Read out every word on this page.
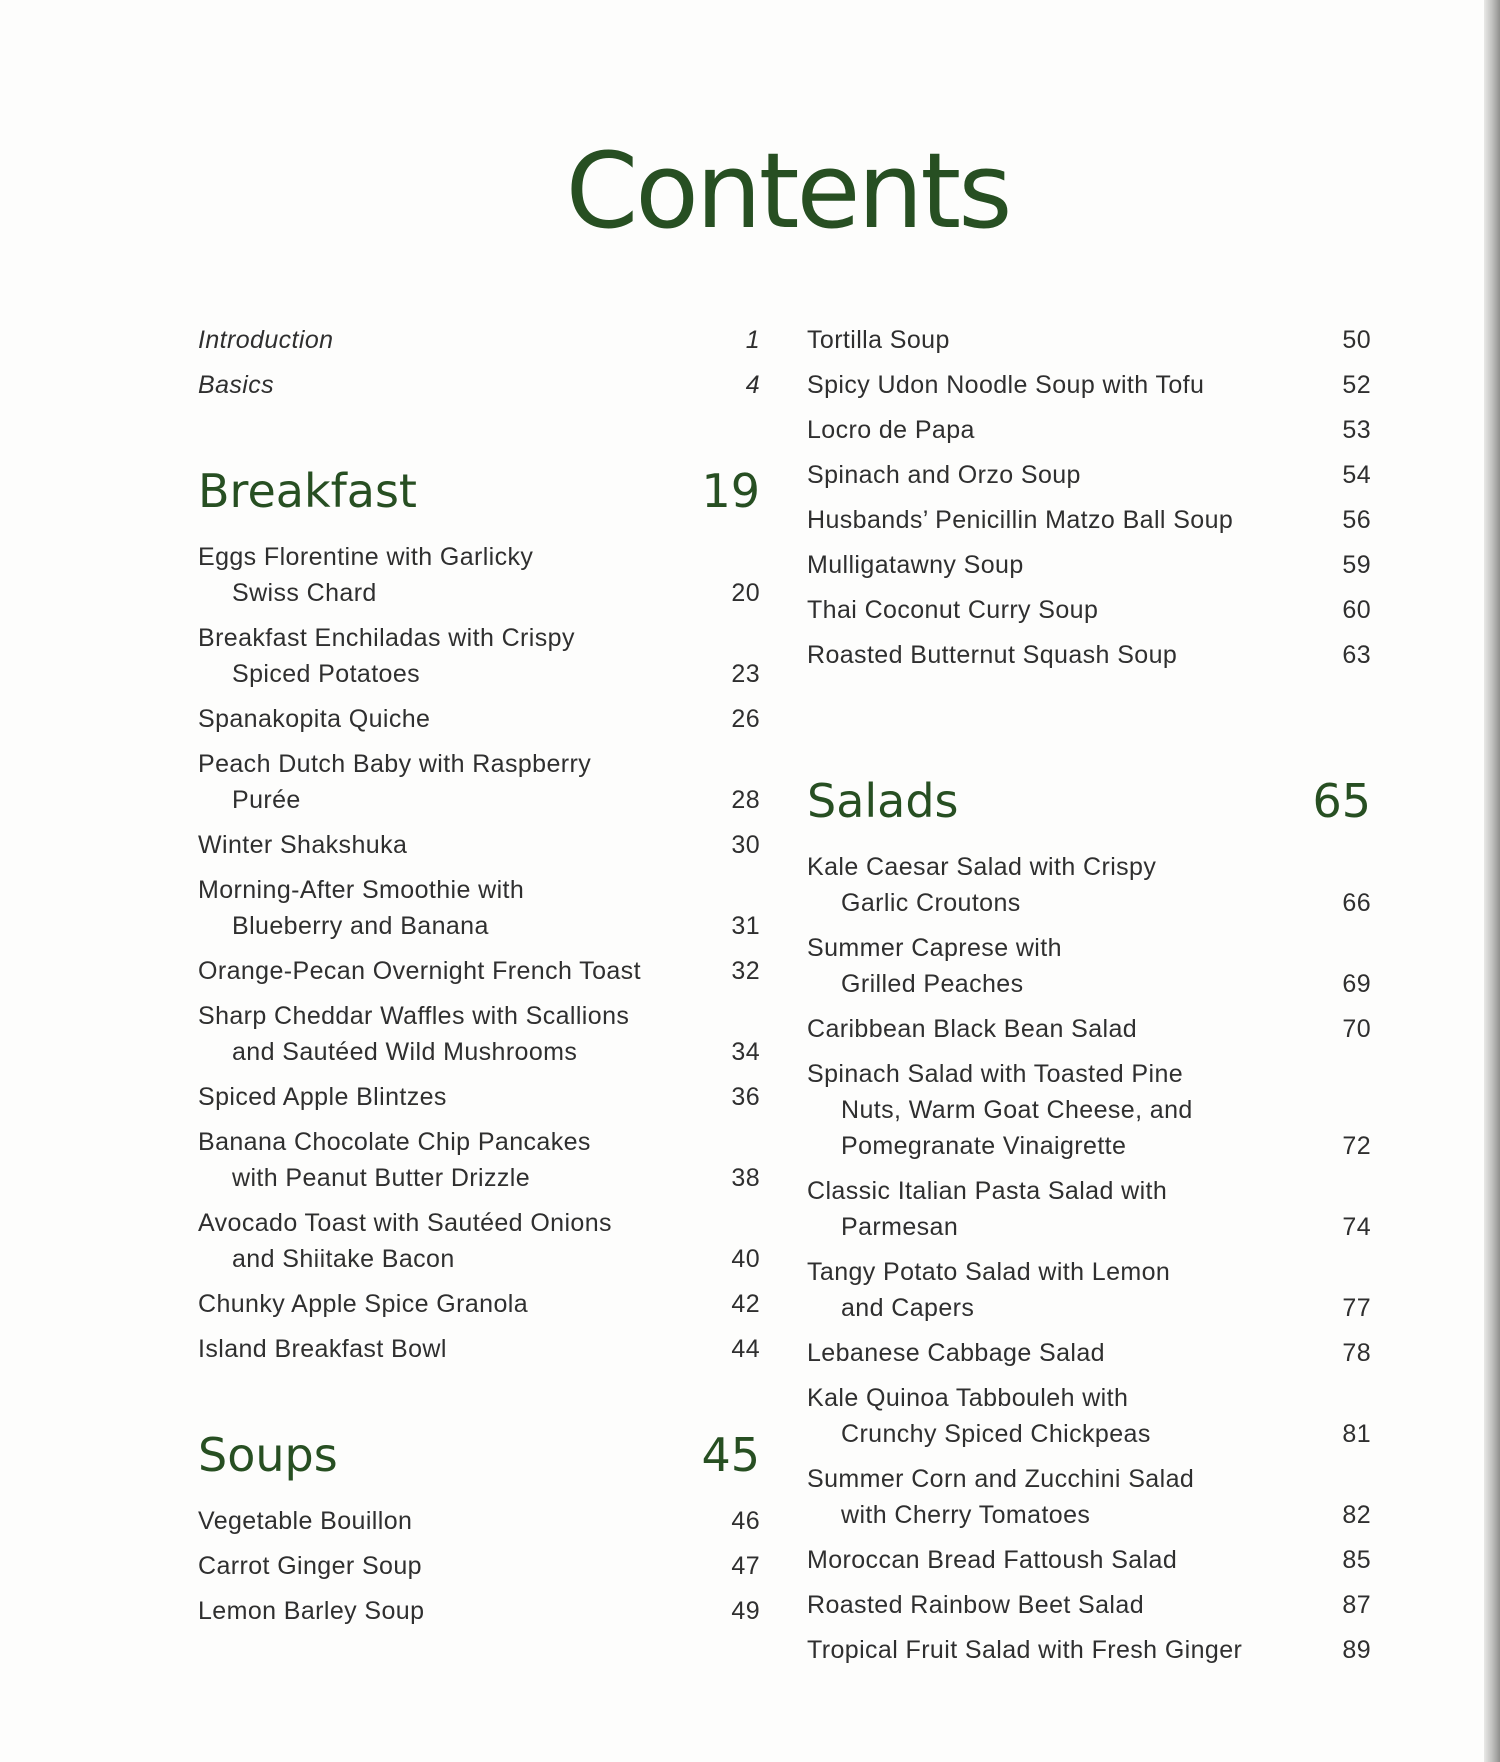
Contents
Introduction	1
Basics	4
Breakfast	19
Eggs Florentine with Garlicky
Swiss Chard	20
Breakfast Enchiladas with Crispy
Spiced Potatoes	23
Spanakopita Quiche	26
Peach Dutch Baby with Raspberry
Purée	28
Winter Shakshuka	30
Morning-After Smoothie with
Blueberry and Banana	31
Orange-Pecan Overnight French Toast	32
Sharp Cheddar Waffles with Scallions
and Sautéed Wild Mushrooms	34
Spiced Apple Blintzes	36
Banana Chocolate Chip Pancakes
with Peanut Butter Drizzle	38
Avocado Toast with Sautéed Onions
and Shiitake Bacon	40
Chunky Apple Spice Granola	42
Island Breakfast Bowl	44
Soups	45
Vegetable Bouillon	46
Carrot Ginger Soup	47
Lemon Barley Soup	49
Tortilla Soup	50
Spicy Udon Noodle Soup with Tofu	52
Locro de Papa	53
Spinach and Orzo Soup	54
Husbands’ Penicillin Matzo Ball Soup	56
Mulligatawny Soup	59
Thai Coconut Curry Soup	60
Roasted Butternut Squash Soup	63
Salads	65
Kale Caesar Salad with Crispy
Garlic Croutons	66
Summer Caprese with
Grilled Peaches	69
Caribbean Black Bean Salad	70
Spinach Salad with Toasted Pine
Nuts, Warm Goat Cheese, and
Pomegranate Vinaigrette	72
Classic Italian Pasta Salad with
Parmesan	74
Tangy Potato Salad with Lemon
and Capers	77
Lebanese Cabbage Salad	78
Kale Quinoa Tabbouleh with
Crunchy Spiced Chickpeas	81
Summer Corn and Zucchini Salad
with Cherry Tomatoes	82
Moroccan Bread Fattoush Salad	85
Roasted Rainbow Beet Salad	87
Tropical Fruit Salad with Fresh Ginger	89
